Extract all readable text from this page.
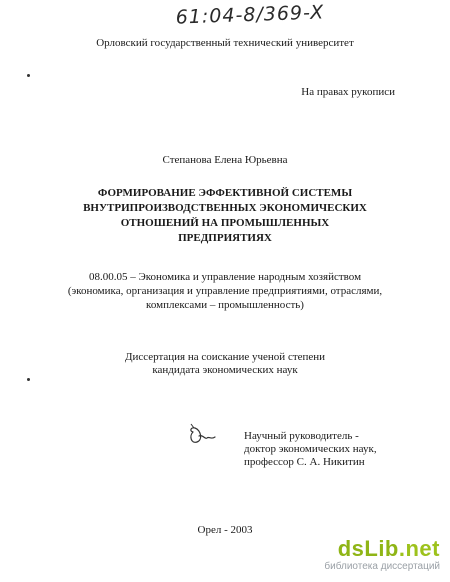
61:04-8/369-X
Орловский государственный технический университет
На правах рукописи
Степанова Елена Юрьевна
ФОРМИРОВАНИЕ ЭФФЕКТИВНОЙ СИСТЕМЫ
ВНУТРИПРОИЗВОДСТВЕННЫХ ЭКОНОМИЧЕСКИХ
ОТНОШЕНИЙ НА ПРОМЫШЛЕННЫХ ПРЕДПРИЯТИЯХ
08.00.05 – Экономика и управление народным хозяйством
(экономика, организация и управление предприятиями, отраслями,
комплексами – промышленность)
Диссертация на соискание ученой степени
кандидата экономических наук
Научный руководитель -
доктор экономических наук,
профессор С. А. Никитин
Орел - 2003
dsLib.net
библиотека диссертаций
